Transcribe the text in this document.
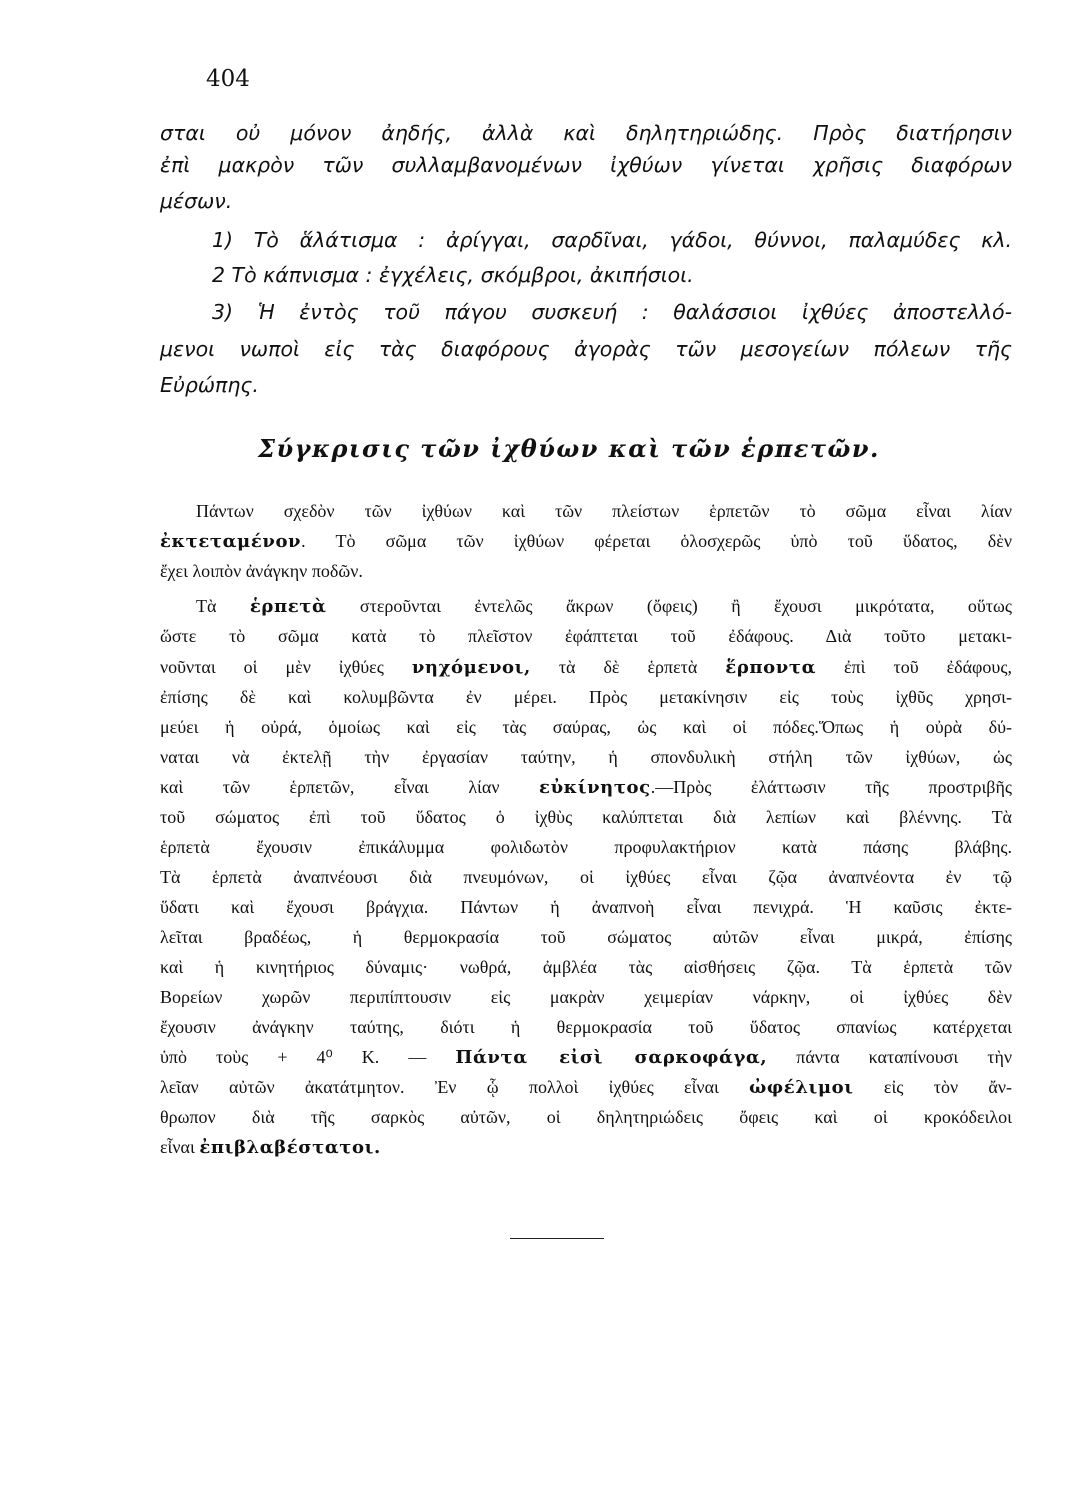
404
σται οὐ μόνον ἀηδής, ἀλλὰ καὶ δηλητηριώδης. Πρὸς διατήρησιν
ἐπὶ μακρὸν τῶν συλλαμβανομένων ἰχθύων γίνεται χρῆσις διαφόρων
μέσων.
1) Τὸ ἅλάτισμα : ἀρίγγαι, σαρδῖναι, γάδοι, θύννοι, παλαμύδες κλ.
2 Τὸ κάπνισμα : ἐγχέλεις, σκόμβροι, ἀκιπήσιοι.
3) Ἡ ἐντὸς τοῦ πάγου συσκευή : θαλάσσιοι ἰχθύες ἀποστελλό-
μενοι νωποὶ εἰς τὰς διαφόρους ἀγορὰς τῶν μεσογείων πόλεων τῆς
Εὐρώπης.
Σύγκρισις τῶν ἰχθύων καὶ τῶν ἑρπετῶν.
Πάντων σχεδὸν τῶν ἰχθύων καὶ τῶν πλείστων ἑρπετῶν τὸ σῶμα εἶναι λίαν
ἐκτεταμένον. Τὸ σῶμα τῶν ἰχθύων φέρεται ὁλοσχερῶς ὑπὸ τοῦ ὕδατος, δὲν
ἔχει λοιπὸν ἀνάγκην ποδῶν.
Τὰ ἑρπετὰ στεροῦνται ἐντελῶς ἄκρων (ὄφεις) ἢ ἔχουσι μικρότατα, οὕτως
ὥστε τὸ σῶμα κατὰ τὸ πλεῖστον ἐφάπτεται τοῦ ἐδάφους. Διὰ τοῦτο μετακι-
νοῦνται οἱ μὲν ἰχθύες νηχόμενοι, τὰ δὲ ἑρπετὰ ἕρποντα ἐπὶ τοῦ ἐδάφους,
ἐπίσης δὲ καὶ κολυμβῶντα ἐν μέρει. Πρὸς μετακίνησιν εἰς τοὺς ἰχθῦς χρησι-
μεύει ἡ οὐρά, ὁμοίως καὶ εἰς τὰς σαύρας, ὡς καὶ οἱ πόδες.Ὅπως ἡ οὐρὰ δύ-
ναται νὰ ἐκτελῇ τὴν ἐργασίαν ταύτην, ἡ σπονδυλικὴ στήλη τῶν ἰχθύων, ὡς
καὶ τῶν ἑρπετῶν, εἶναι λίαν εὐκίνητος.—Πρὸς ἐλάττωσιν τῆς προστριβῆς
τοῦ σώματος ἐπὶ τοῦ ὕδατος ὁ ἰχθὺς καλύπτεται διὰ λεπίων καὶ βλέννης. Τὰ
ἑρπετὰ ἔχουσιν ἐπικάλυμμα φολιδωτὸν προφυλακτήριον κατὰ πάσης βλάβης.
Τὰ ἑρπετὰ ἀναπνέουσι διὰ πνευμόνων, οἱ ἰχθύες εἶναι ζῷα ἀναπνέοντα ἐν τῷ
ὕδατι καὶ ἔχουσι βράγχια. Πάντων ἡ ἀναπνοὴ εἶναι πενιχρά. Ἡ καῦσις ἐκτε-
λεῖται βραδέως, ἡ θερμοκρασία τοῦ σώματος αὐτῶν εἶναι μικρά, ἐπίσης
καὶ ἡ κινητήριος δύναμις· νωθρά, ἀμβλέα τὰς αἰσθήσεις ζῷα. Τὰ ἑρπετὰ τῶν
Βορείων χωρῶν περιπίπτουσιν εἰς μακρὰν χειμερίαν νάρκην, οἱ ἰχθύες δὲν
ἔχουσιν ἀνάγκην ταύτης, διότι ἡ θερμοκρασία τοῦ ὕδατος σπανίως κατέρχεται
ὑπὸ τοὺς + 4⁰ Κ. — Πάντα εἰσὶ σαρκοφάγα, πάντα καταπίνουσι τὴν
λεῖαν αὐτῶν ἀκατάτμητον. Ἐν ᾧ πολλοὶ ἰχθύες εἶναι ὠφέλιμοι εἰς τὸν ἄν-
θρωπον διὰ τῆς σαρκὸς αὐτῶν, οἱ δηλητηριώδεις ὄφεις καὶ οἱ κροκόδειλοι
εἶναι ἐπιβλαβέστατοι.
